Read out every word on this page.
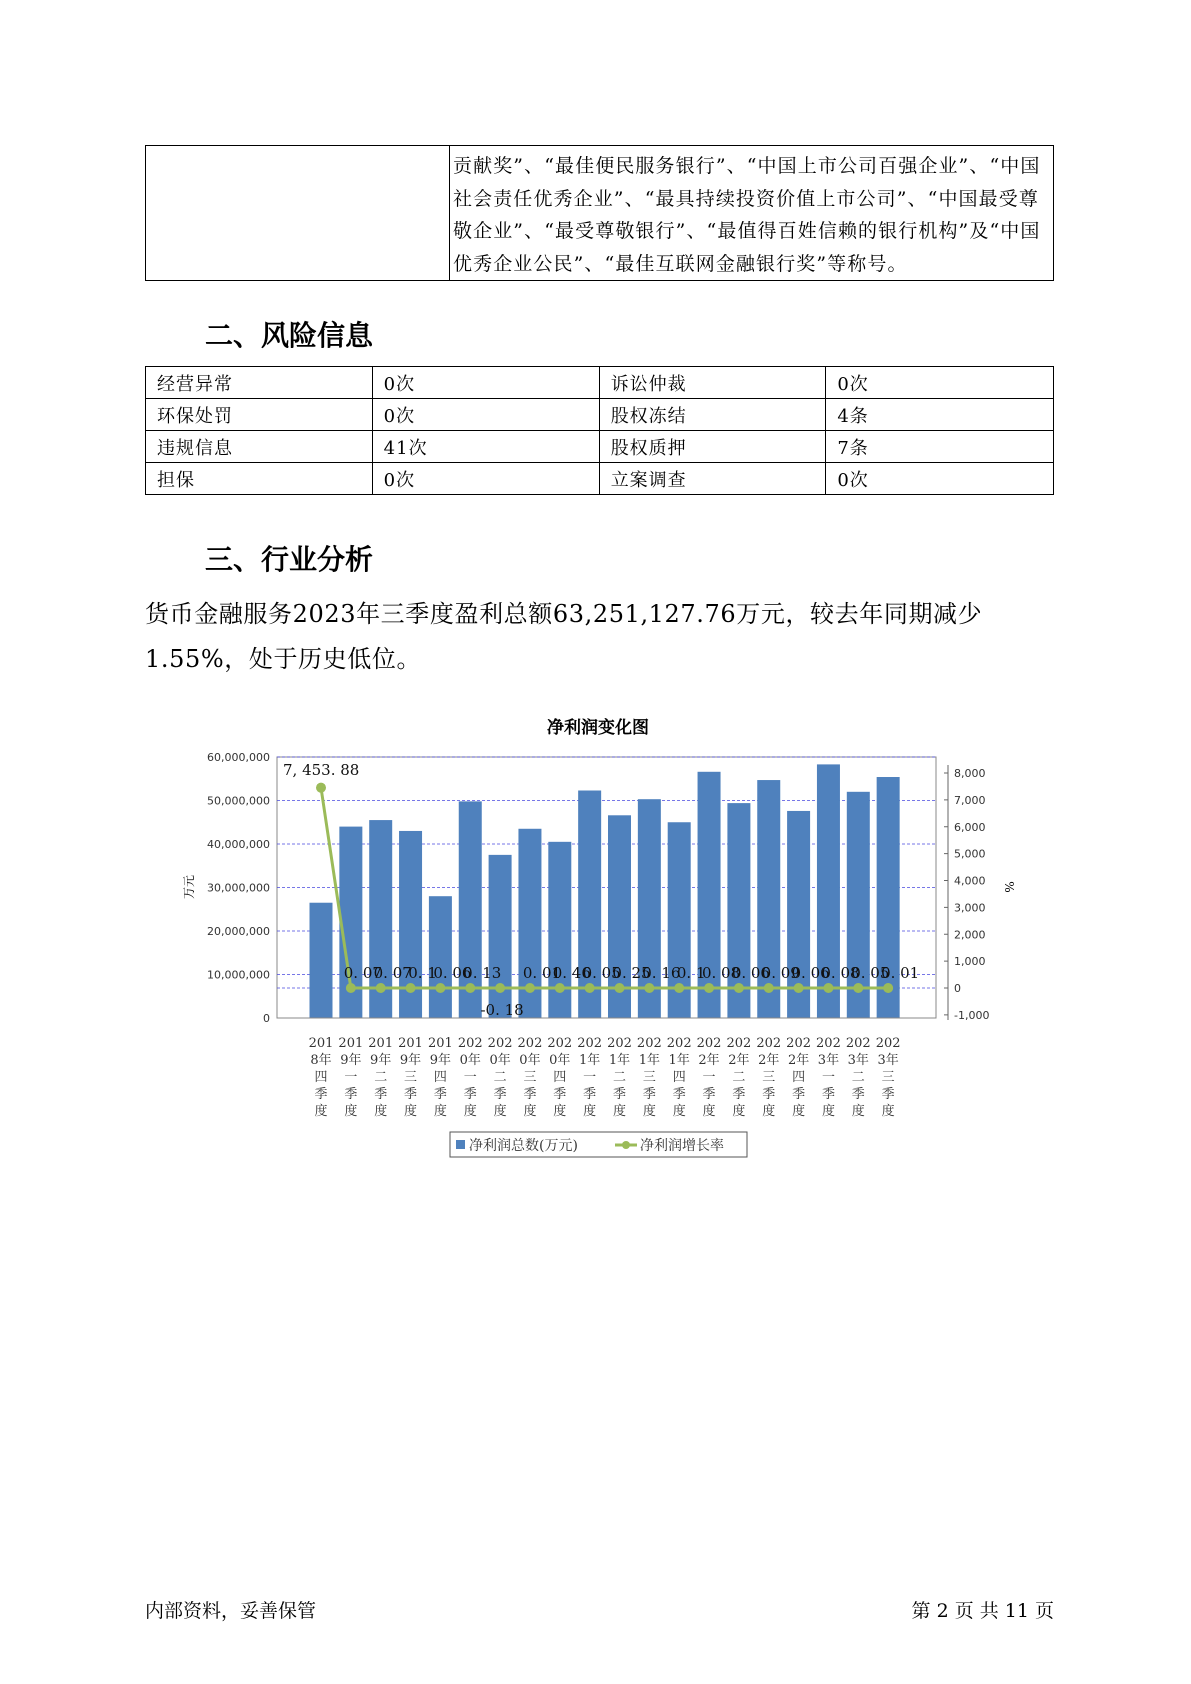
贡献奖”、“最佳便民服务银行”、“中国上市公司百强企业”、“中国社会责任优秀企业”、“最具持续投资价值上市公司”、“中国最受尊敬企业”、“最受尊敬银行”、“最值得百姓信赖的银行机构”及“中国优秀企业公民”、“最佳互联网金融银行奖”等称号。
二、风险信息
经营异常	0次	诉讼仲裁	0次
环保处罚	0次	股权冻结	4条
违规信息	41次	股权质押	7条
担保	0次	立案调查	0次
三、行业分析
货币金融服务2023年三季度盈利总额63,251,127.76万元，较去年同期减少1.55%，处于历史低位。
净利润变化图
0
10,000,000
20,000,000
30,000,000
40,000,000
50,000,000
60,000,000
-1,000
0
1,000
2,000
3,000
4,000
5,000
6,000
7,000
8,000
万元	%
7, 453. 88
0. 07
0. 07
0. 1
0. 06
0. 13
-0. 18
0. 01
0. 46
0. 05
0. 25
0. 16
0. 1
0. 08
0. 06
0. 09
0. 06
0. 08
0. 05
0. 01
201 8年四季度
201 9年一季度
201 9年二季度
201 9年三季度
201 9年四季度
202 0年一季度
202 0年二季度
202 0年三季度
202 0年四季度
202 1年一季度
202 1年二季度
202 1年三季度
202 1年四季度
202 2年一季度
202 2年二季度
202 2年三季度
202 2年四季度
202 3年一季度
202 3年二季度
202 3年三季度
净利润总数(万元)	净利润增长率
内部资料，妥善保管	第 2 页 共 11 页
